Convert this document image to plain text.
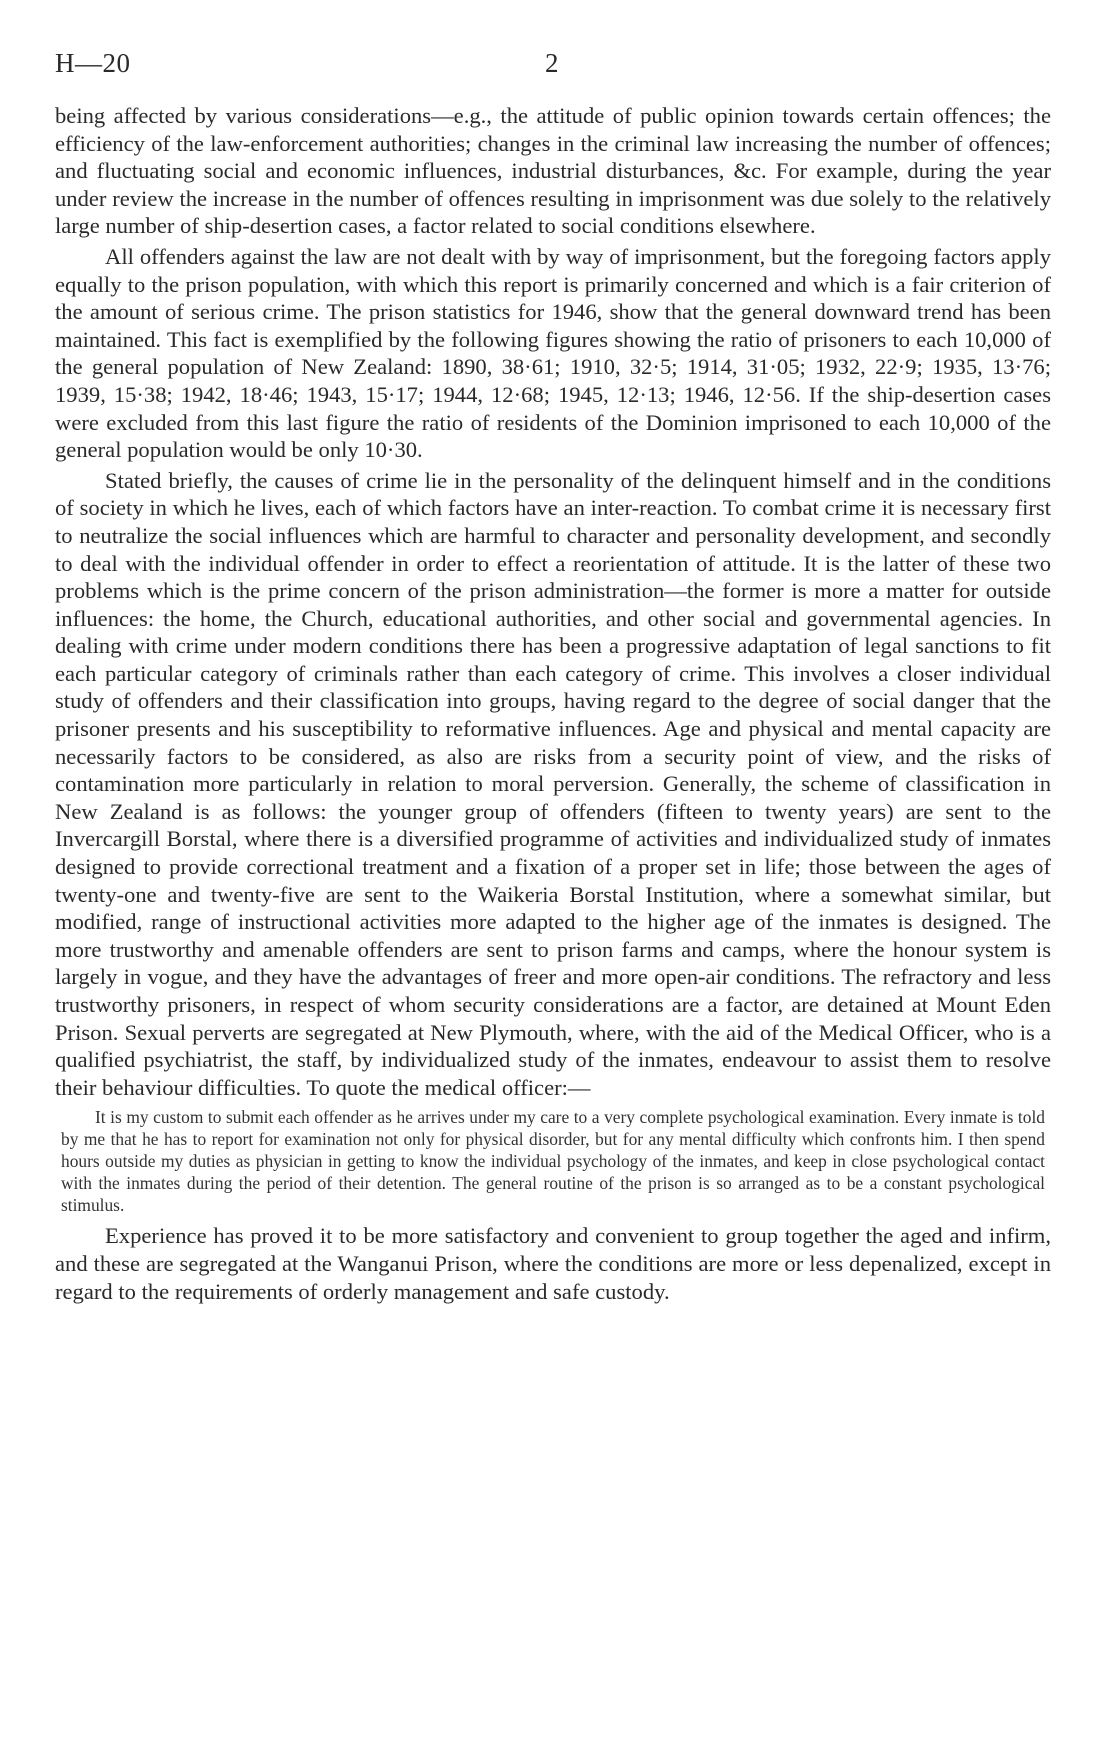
H—20	2

being affected by various considerations—e.g., the attitude of public opinion towards certain offences; the efficiency of the law-enforcement authorities; changes in the criminal law increasing the number of offences; and fluctuating social and economic influences, industrial disturbances, &c. For example, during the year under review the increase in the number of offences resulting in imprisonment was due solely to the relatively large number of ship-desertion cases, a factor related to social conditions elsewhere.

All offenders against the law are not dealt with by way of imprisonment, but the foregoing factors apply equally to the prison population, with which this report is primarily concerned and which is a fair criterion of the amount of serious crime. The prison statistics for 1946, show that the general downward trend has been maintained. This fact is exemplified by the following figures showing the ratio of prisoners to each 10,000 of the general population of New Zealand: 1890, 38·61; 1910, 32·5; 1914, 31·05; 1932, 22·9; 1935, 13·76; 1939, 15·38; 1942, 18·46; 1943, 15·17; 1944, 12·68; 1945, 12·13; 1946, 12·56. If the ship-desertion cases were excluded from this last figure the ratio of residents of the Dominion imprisoned to each 10,000 of the general population would be only 10·30.

Stated briefly, the causes of crime lie in the personality of the delinquent himself and in the conditions of society in which he lives, each of which factors have an inter-reaction. To combat crime it is necessary first to neutralize the social influences which are harmful to character and personality development, and secondly to deal with the individual offender in order to effect a reorientation of attitude. It is the latter of these two problems which is the prime concern of the prison administration—the former is more a matter for outside influences: the home, the Church, educational authorities, and other social and governmental agencies. In dealing with crime under modern conditions there has been a progressive adaptation of legal sanctions to fit each particular category of criminals rather than each category of crime. This involves a closer individual study of offenders and their classification into groups, having regard to the degree of social danger that the prisoner presents and his susceptibility to reformative influences. Age and physical and mental capacity are necessarily factors to be considered, as also are risks from a security point of view, and the risks of contamination more particularly in relation to moral perversion. Generally, the scheme of classification in New Zealand is as follows: the younger group of offenders (fifteen to twenty years) are sent to the Invercargill Borstal, where there is a diversified programme of activities and individualized study of inmates designed to provide correctional treatment and a fixation of a proper set in life; those between the ages of twenty-one and twenty-five are sent to the Waikeria Borstal Institution, where a somewhat similar, but modified, range of instructional activities more adapted to the higher age of the inmates is designed. The more trustworthy and amenable offenders are sent to prison farms and camps, where the honour system is largely in vogue, and they have the advantages of freer and more open-air conditions. The refractory and less trustworthy prisoners, in respect of whom security considerations are a factor, are detained at Mount Eden Prison. Sexual perverts are segregated at New Plymouth, where, with the aid of the Medical Officer, who is a qualified psychiatrist, the staff, by individualized study of the inmates, endeavour to assist them to resolve their behaviour difficulties. To quote the medical officer:—

It is my custom to submit each offender as he arrives under my care to a very complete psychological examination. Every inmate is told by me that he has to report for examination not only for physical disorder, but for any mental difficulty which confronts him. I then spend hours outside my duties as physician in getting to know the individual psychology of the inmates, and keep in close psychological contact with the inmates during the period of their detention. The general routine of the prison is so arranged as to be a constant psychological stimulus.

Experience has proved it to be more satisfactory and convenient to group together the aged and infirm, and these are segregated at the Wanganui Prison, where the conditions are more or less depenalized, except in regard to the requirements of orderly management and safe custody.
